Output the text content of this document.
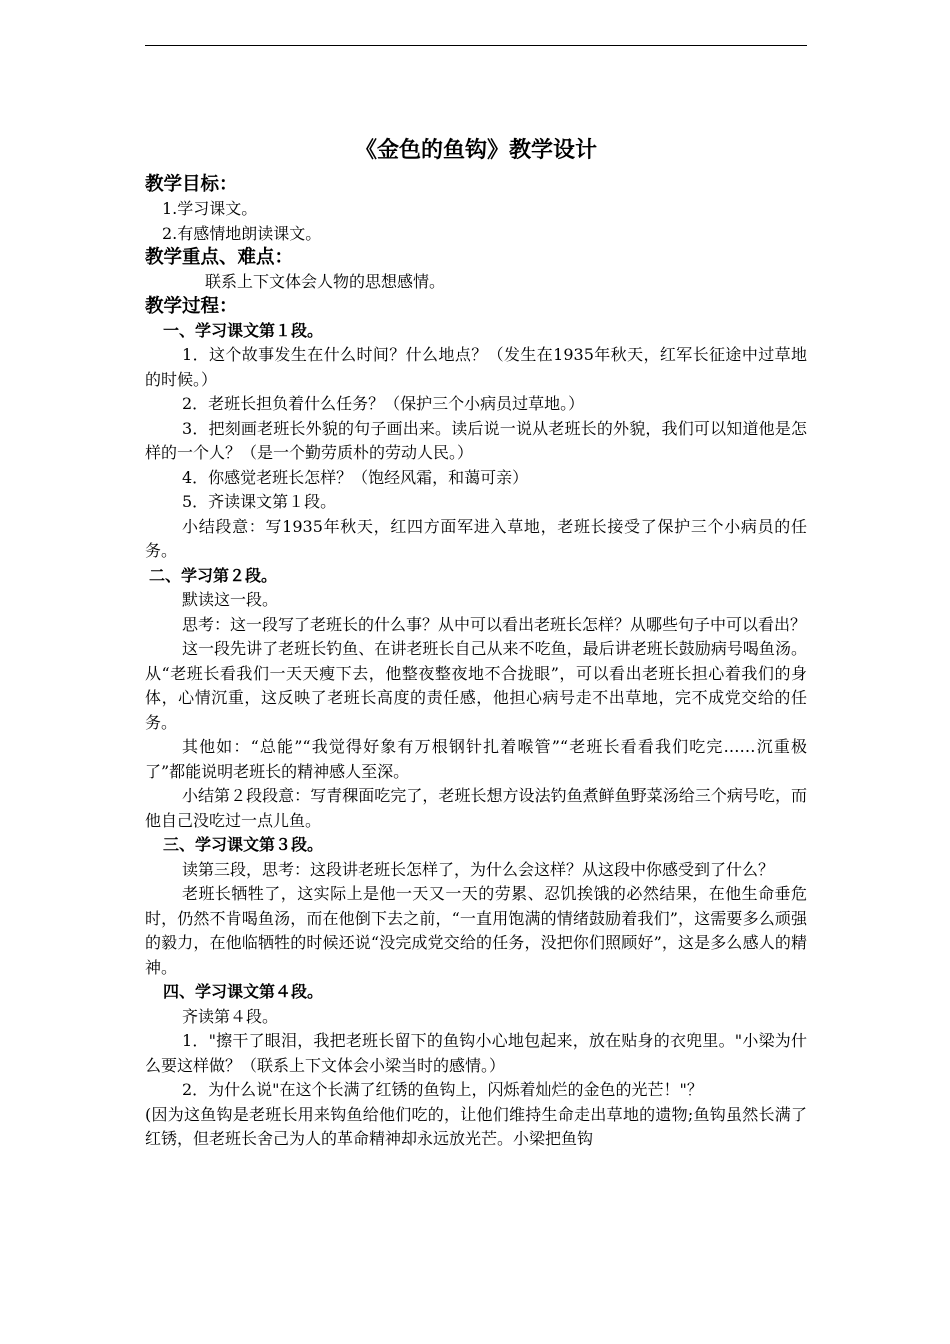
《金色的鱼钩》教学设计
教学目标：
1.学习课文。
2.有感情地朗读课文。
教学重点、难点：
联系上下文体会人物的思想感情。
教学过程：
一、学习课文第１段。
1．这个故事发生在什么时间？什么地点？（发生在1935年秋天，红军长征途中过草地的时候。）
2．老班长担负着什么任务？（保护三个小病员过草地。）
3．把刻画老班长外貌的句子画出来。读后说一说从老班长的外貌，我们可以知道他是怎样的一个人？（是一个勤劳质朴的劳动人民。）
4．你感觉老班长怎样？（饱经风霜，和蔼可亲）
5．齐读课文第１段。
小结段意：写1935年秋天，红四方面军进入草地，老班长接受了保护三个小病员的任务。
二、学习第２段。
默读这一段。
思考：这一段写了老班长的什么事？从中可以看出老班长怎样？从哪些句子中可以看出？
这一段先讲了老班长钓鱼、在讲老班长自己从来不吃鱼，最后讲老班长鼓励病号喝鱼汤。从“老班长看我们一天天瘦下去，他整夜整夜地不合拢眼”，可以看出老班长担心着我们的身体，心情沉重，这反映了老班长高度的责任感，他担心病号走不出草地，完不成党交给的任务。
其他如：“总能”“我觉得好象有万根钢针扎着喉管”“老班长看看我们吃完……沉重极了”都能说明老班长的精神感人至深。
小结第２段段意：写青稞面吃完了，老班长想方设法钓鱼煮鲜鱼野菜汤给三个病号吃，而他自己没吃过一点儿鱼。
三、学习课文第３段。
读第三段，思考：这段讲老班长怎样了，为什么会这样？从这段中你感受到了什么？
老班长牺牲了，这实际上是他一天又一天的劳累、忍饥挨饿的必然结果，在他生命垂危时，仍然不肯喝鱼汤，而在他倒下去之前，“一直用饱满的情绪鼓励着我们”，这需要多么顽强的毅力，在他临牺牲的时候还说“没完成党交给的任务，没把你们照顾好”，这是多么感人的精神。
四、学习课文第４段。
齐读第４段。
1．"擦干了眼泪，我把老班长留下的鱼钩小心地包起来，放在贴身的衣兜里。"小梁为什么要这样做？（联系上下文体会小梁当时的感情。）
2．为什么说"在这个长满了红锈的鱼钩上，闪烁着灿烂的金色的光芒！"？
(因为这鱼钩是老班长用来钩鱼给他们吃的，让他们维持生命走出草地的遗物;鱼钩虽然长满了红锈，但老班长舍己为人的革命精神却永远放光芒。小梁把鱼钩
